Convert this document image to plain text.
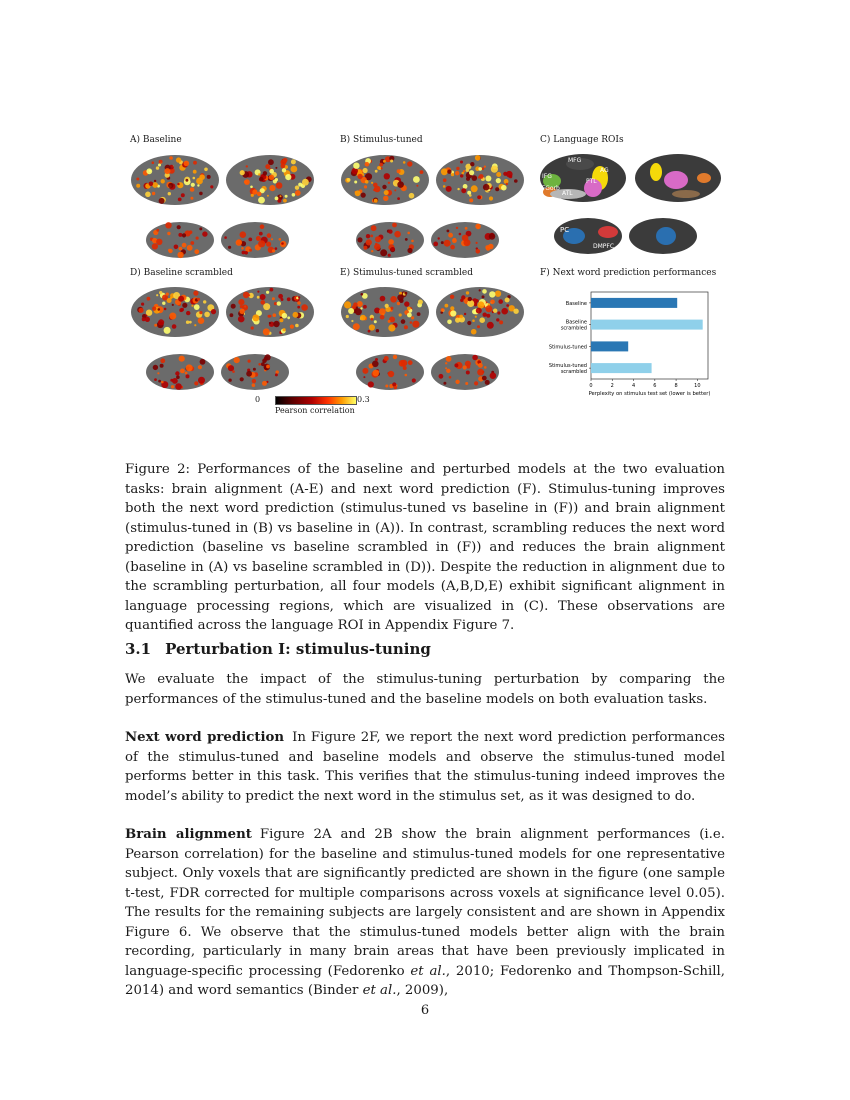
A) Baseline	B) Stimulus-tuned	C) Language ROIs
D) Baseline scrambled	E) Stimulus-tuned scrambled	F) Next word prediction performances
MFG
IFG
AG
PTL
IFGorb
ATL
PC
DMPFC
Baseline
Baseline
scrambled
Stimulus-tuned
Stimulus-tuned
scrambled
0	2	4	6	8	10
Perplexity on stimulus test set (lower is better)
0	0.3
Pearson correlation
Figure 2: Performances of the baseline and perturbed models at the two evaluation tasks: brain alignment (A-E) and next word prediction (F). Stimulus-tuning improves both the next word prediction (stimulus-tuned vs baseline in (F)) and brain alignment (stimulus-tuned in (B) vs baseline in (A)). In contrast, scrambling reduces the next word prediction (baseline vs baseline scrambled in (F)) and reduces the brain alignment (baseline in (A) vs baseline scrambled in (D)). Despite the reduction in alignment due to the scrambling perturbation, all four models (A,B,D,E) exhibit significant alignment in language processing regions, which are visualized in (C). These observations are quantified across the language ROI in Appendix Figure 7.
3.1 Perturbation I: stimulus-tuning
We evaluate the impact of the stimulus-tuning perturbation by comparing the performances of the stimulus-tuned and the baseline models on both evaluation tasks.
Next word prediction In Figure 2F, we report the next word prediction performances of the stimulus-tuned and baseline models and observe the stimulus-tuned model performs better in this task. This verifies that the stimulus-tuning indeed improves the model’s ability to predict the next word in the stimulus set, as it was designed to do.
Brain alignment Figure 2A and 2B show the brain alignment performances (i.e. Pearson correlation) for the baseline and stimulus-tuned models for one representative subject. Only voxels that are significantly predicted are shown in the figure (one sample t-test, FDR corrected for multiple comparisons across voxels at significance level 0.05). The results for the remaining subjects are largely consistent and are shown in Appendix Figure 6. We observe that the stimulus-tuned models better align with the brain recording, particularly in many brain areas that have been previously implicated in language-specific processing (Fedorenko et al., 2010; Fedorenko and Thompson-Schill, 2014) and word semantics (Binder et al., 2009),
6
